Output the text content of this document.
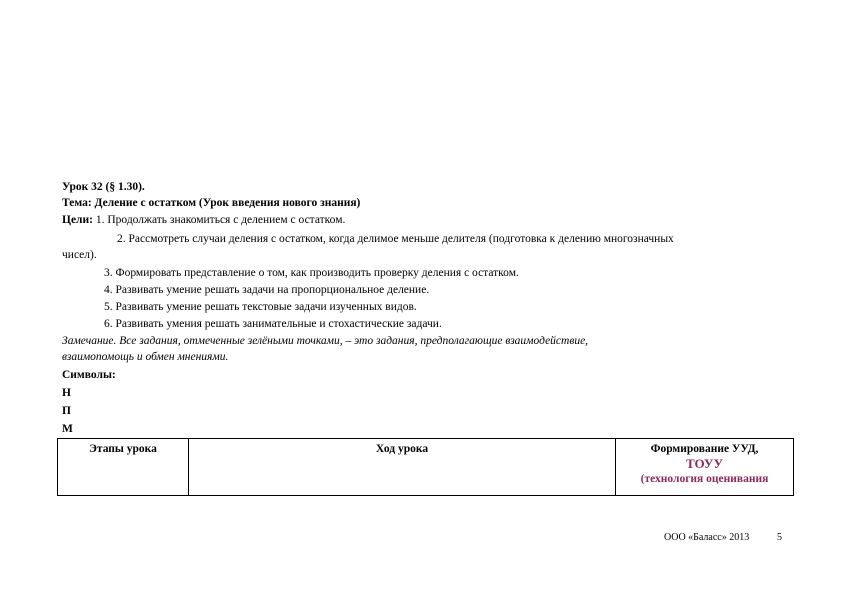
Урок 32 (§ 1.30).
Тема: Деление с остатком (Урок введения нового знания)
Цели: 1. Продолжать знакомиться с делением с остатком.
2. Рассмотреть случаи деления с остатком, когда делимое меньше делителя (подготовка к делению многозначных
чисел).
3. Формировать представление о том, как производить проверку деления с остатком.
4. Развивать умение решать задачи на пропорциональное деление.
5. Развивать умение решать текстовые задачи изученных видов.
6. Развивать умения решать занимательные и стохастические задачи.
Замечание. Все задания, отмеченные зелёными точками, – это задания, предполагающие взаимодействие,
взаимопомощь и обмен мнениями.
Символы:
Н
П
М
Этапы урока	Ход урока	Формирование УУД,
ТОУУ
(технология оценивания
ООО «Баласс» 2013	5
